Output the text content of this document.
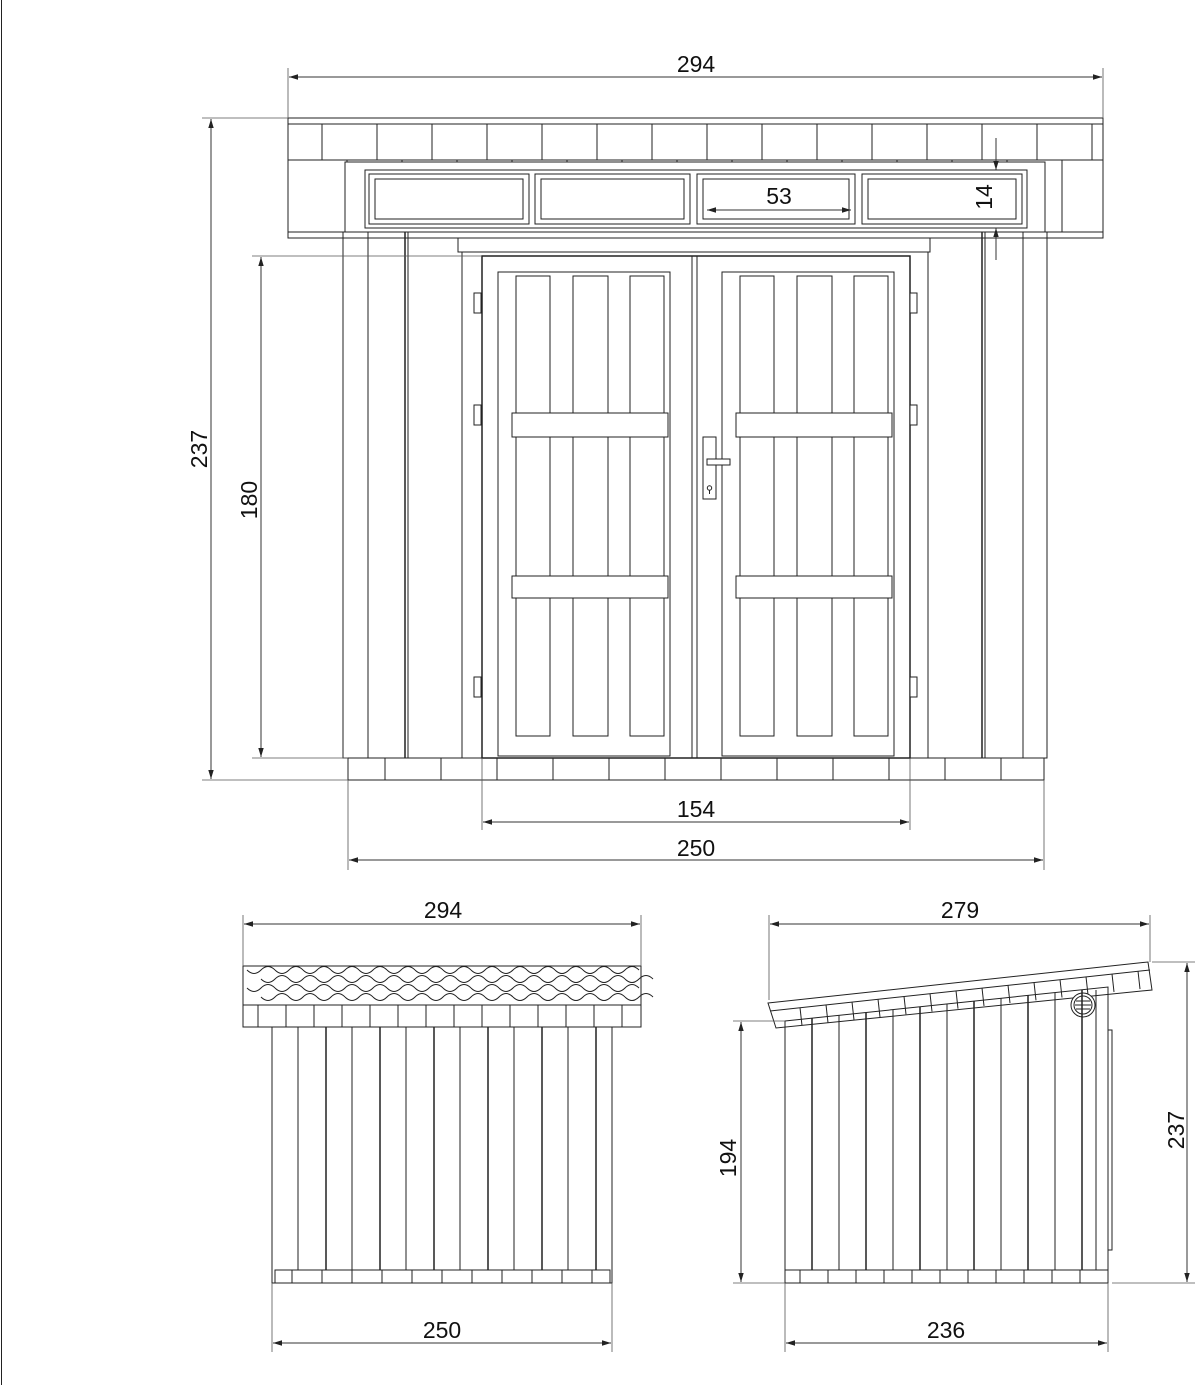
294
237
180
53	14
154
250
294
250
279
194
237
236
